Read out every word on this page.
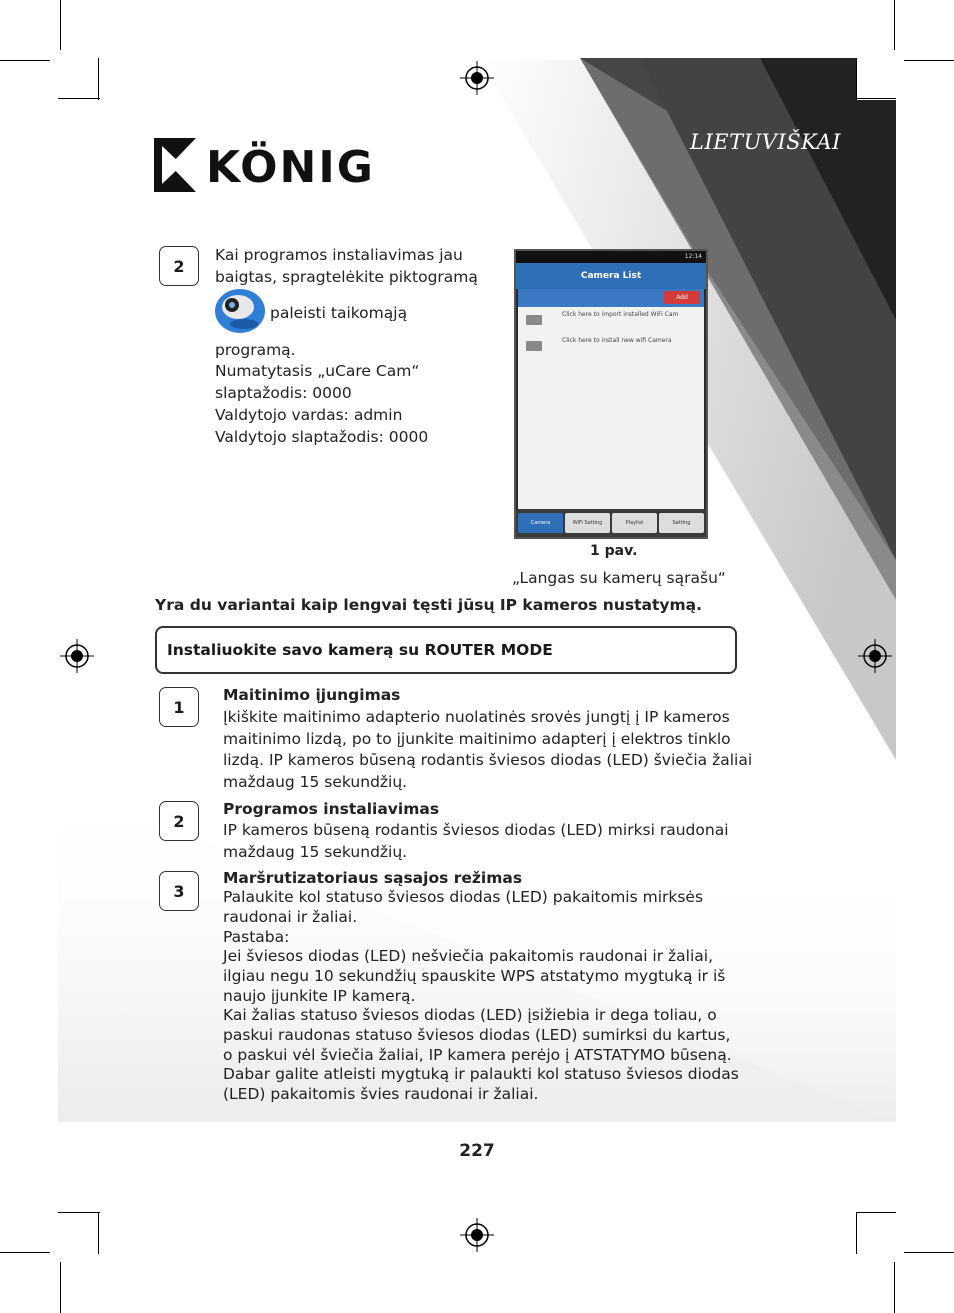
LIETUVIŠKAI
KÖNIG
2
Kai programos instaliavimas jau
baigtas, spragtelėkite piktogramą
paleisti taikomąją
programą.
Numatytasis „uCare Cam“
slaptažodis: 0000
Valdytojo vardas: admin
Valdytojo slaptažodis: 0000
12:14
Camera List
Add
Click here to import installed WiFi Cam
Click here to install new wifi Camera
Camera	WiFi Setting	Playlist	Setting
1 pav.
„Langas su kamerų sąrašu“
Yra du variantai kaip lengvai tęsti jūsų IP kameros nustatymą.
Instaliuokite savo kamerą su ROUTER MODE
1
Maitinimo įjungimas
Įkiškite maitinimo adapterio nuolatinės srovės jungtį į IP kameros
maitinimo lizdą, po to įjunkite maitinimo adapterį į elektros tinklo
lizdą. IP kameros būseną rodantis šviesos diodas (LED) šviečia žaliai
maždaug 15 sekundžių.
2
Programos instaliavimas
IP kameros būseną rodantis šviesos diodas (LED) mirksi raudonai
maždaug 15 sekundžių.
3
Maršrutizatoriaus sąsajos režimas
Palaukite kol statuso šviesos diodas (LED) pakaitomis mirksės
raudonai ir žaliai.
Pastaba:
Jei šviesos diodas (LED) nešviečia pakaitomis raudonai ir žaliai,
ilgiau negu 10 sekundžių spauskite WPS atstatymo mygtuką ir iš
naujo įjunkite IP kamerą.
Kai žalias statuso šviesos diodas (LED) įsižiebia ir dega toliau, o
paskui raudonas statuso šviesos diodas (LED) sumirksi du kartus,
o paskui vėl šviečia žaliai, IP kamera perėjo į ATSTATYMO būseną.
Dabar galite atleisti mygtuką ir palaukti kol statuso šviesos diodas
(LED) pakaitomis švies raudonai ir žaliai.
227
